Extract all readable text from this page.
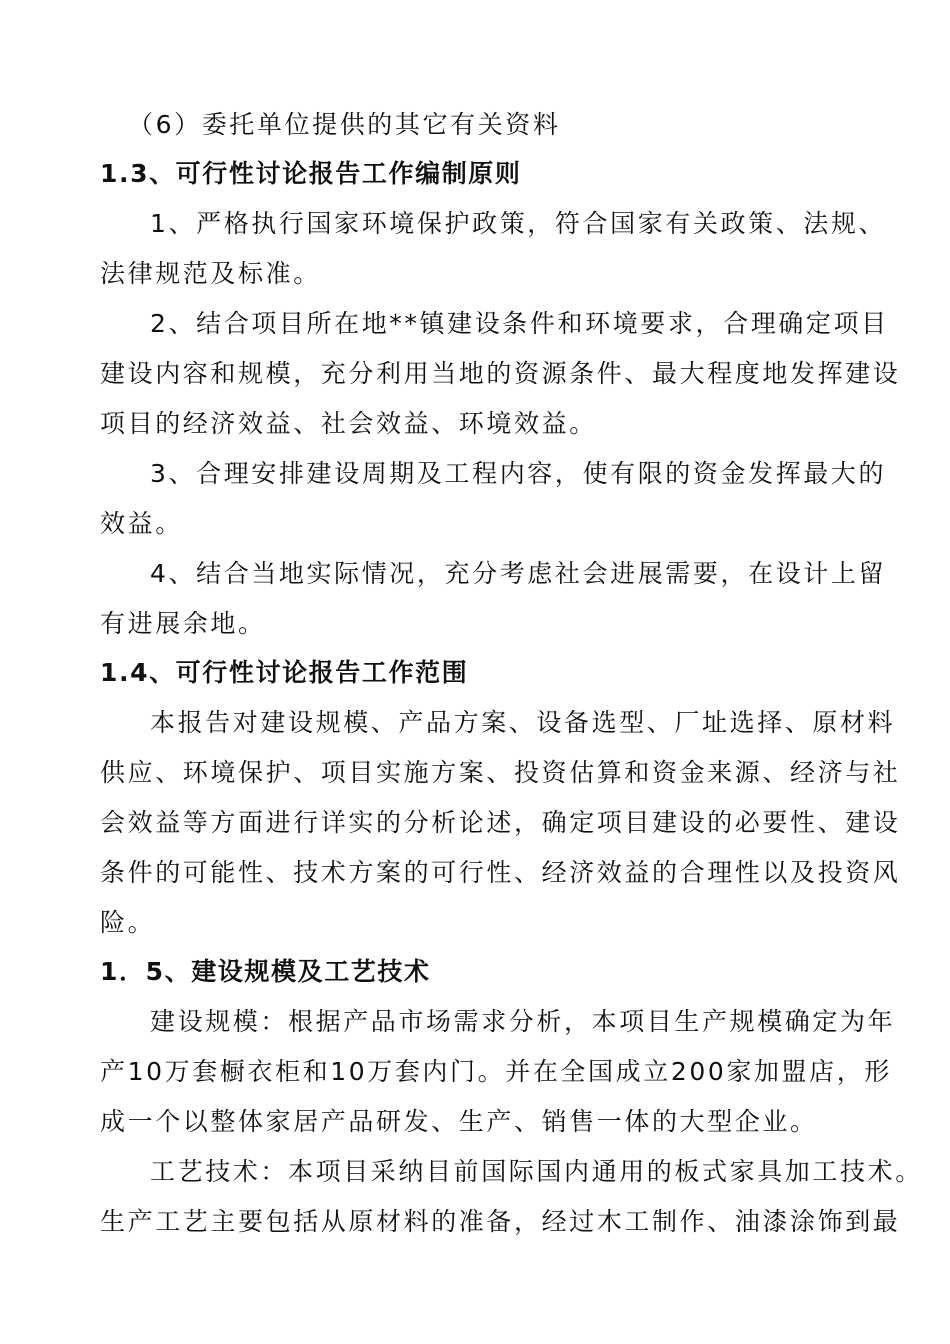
（6）委托单位提供的其它有关资料
1.3、可行性讨论报告工作编制原则
1、严格执行国家环境保护政策，符合国家有关政策、法规、
法律规范及标准。
2、结合项目所在地**镇建设条件和环境要求，合理确定项目
建设内容和规模，充分利用当地的资源条件、最大程度地发挥建设
项目的经济效益、社会效益、环境效益。
3、合理安排建设周期及工程内容，使有限的资金发挥最大的
效益。
4、结合当地实际情况，充分考虑社会进展需要，在设计上留
有进展余地。
1.4、可行性讨论报告工作范围
本报告对建设规模、产品方案、设备选型、厂址选择、原材料
供应、环境保护、项目实施方案、投资估算和资金来源、经济与社
会效益等方面进行详实的分析论述，确定项目建设的必要性、建设
条件的可能性、技术方案的可行性、经济效益的合理性以及投资风
险。
1．5、建设规模及工艺技术
建设规模：根据产品市场需求分析，本项目生产规模确定为年
产10万套橱衣柜和10万套内门。并在全国成立200家加盟店，形
成一个以整体家居产品研发、生产、销售一体的大型企业。
工艺技术：本项目采纳目前国际国内通用的板式家具加工技术。
生产工艺主要包括从原材料的准备，经过木工制作、油漆涂饰到最
